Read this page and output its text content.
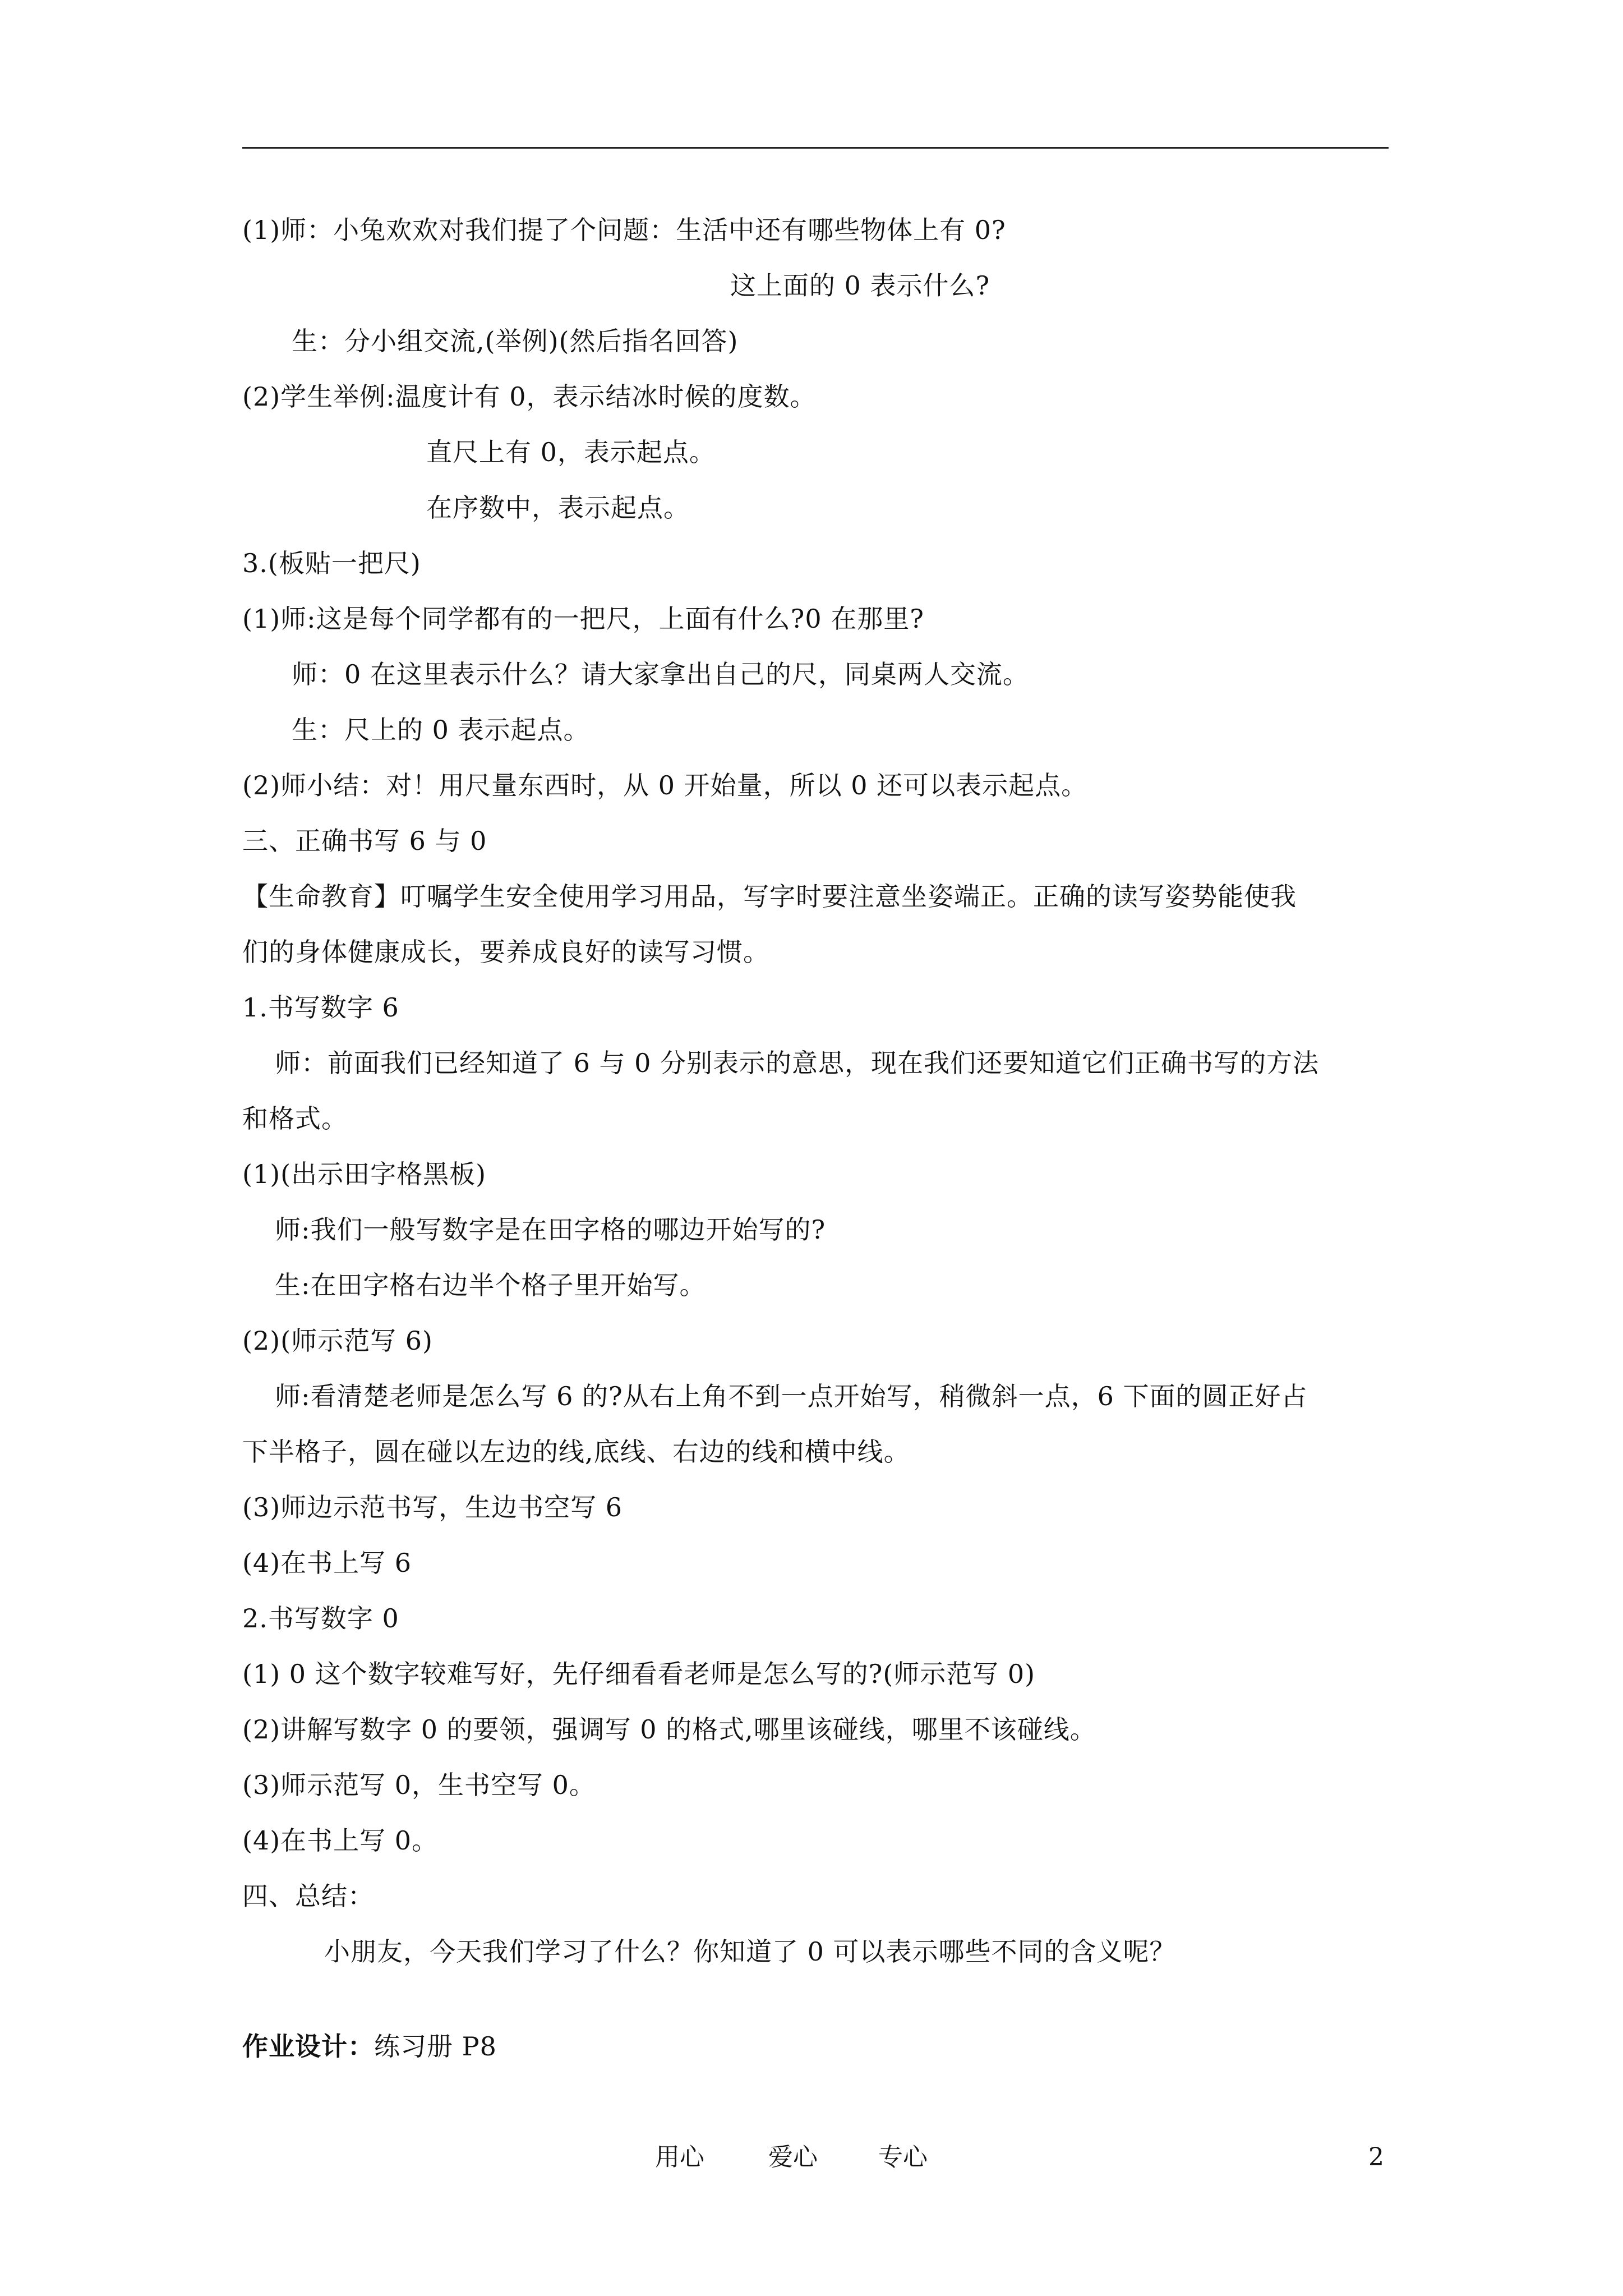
(1)师：小兔欢欢对我们提了个问题：生活中还有哪些物体上有 0?
这上面的 0 表示什么?
生：分小组交流,(举例)(然后指名回答)
(2)学生举例:温度计有 0，表示结冰时候的度数。
直尺上有 0，表示起点。
在序数中，表示起点。
3.(板贴一把尺)
(1)师:这是每个同学都有的一把尺，上面有什么?0 在那里?
师：0 在这里表示什么？请大家拿出自己的尺，同桌两人交流。
生：尺上的 0 表示起点。
(2)师小结：对！用尺量东西时，从 0 开始量，所以 0 还可以表示起点。
三、正确书写 6 与 0
【生命教育】叮嘱学生安全使用学习用品，写字时要注意坐姿端正。正确的读写姿势能使我
们的身体健康成长，要养成良好的读写习惯。
1.书写数字 6
师：前面我们已经知道了 6 与 0 分别表示的意思，现在我们还要知道它们正确书写的方法
和格式。
(1)(出示田字格黑板)
师:我们一般写数字是在田字格的哪边开始写的?
生:在田字格右边半个格子里开始写。
(2)(师示范写 6)
师:看清楚老师是怎么写 6 的?从右上角不到一点开始写，稍微斜一点，6 下面的圆正好占
下半格子，圆在碰以左边的线,底线、右边的线和横中线。
(3)师边示范书写，生边书空写 6
(4)在书上写 6
2.书写数字 0
(1) 0 这个数字较难写好，先仔细看看老师是怎么写的?(师示范写 0)
(2)讲解写数字 0 的要领，强调写 0 的格式,哪里该碰线，哪里不该碰线。
(3)师示范写 0，生书空写 0。
(4)在书上写 0。
四、总结：
小朋友，今天我们学习了什么？你知道了 0 可以表示哪些不同的含义呢？
作业设计：练习册 P8
用心	爱心 专心	2
